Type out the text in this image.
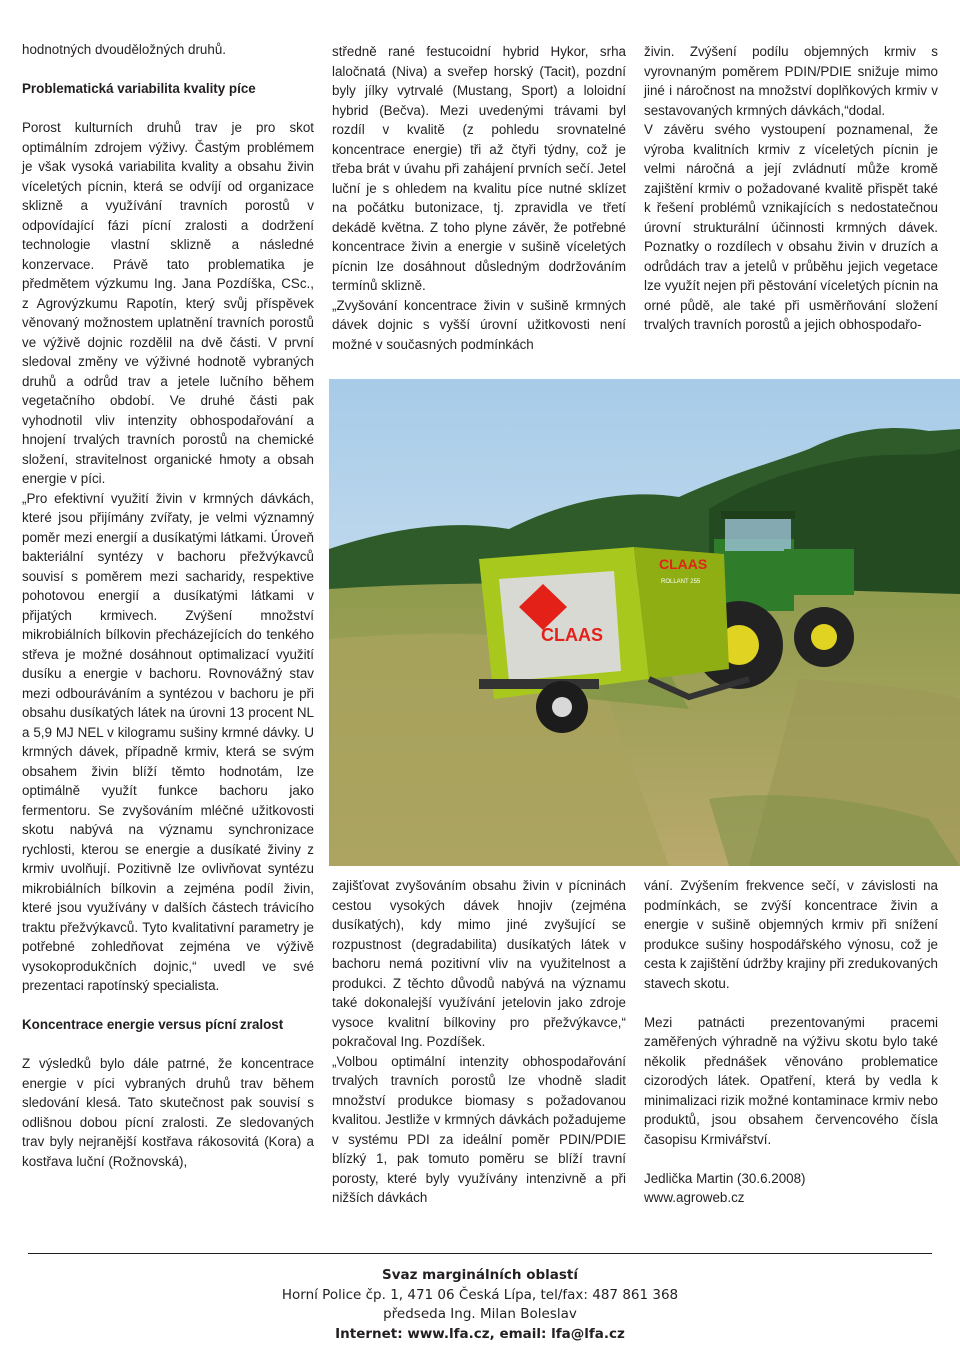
hodnotných dvouděložných druhů.

Problematická variabilita kvality píce

Porost kulturních druhů trav je pro skot optimálním zdrojem výživy. Častým problémem je však vysoká variabilita kvality a obsahu živin víceletých pícnin, která se odvíjí od organizace sklizně a využívání travních porostů v odpovídající fázi pícní zralosti a dodržení technologie vlastní sklizně a následné konzervace. Právě tato problematika je předmětem výzkumu Ing. Jana Pozdíška, CSc., z Agrovýzkumu Rapotín, který svůj příspěvek věnovaný možnostem uplatnění travních porostů ve výživě dojnic rozdělil na dvě části. V první sledoval změny ve výživné hodnotě vybraných druhů a odrůd trav a jetele lučního během vegetačního období. Ve druhé části pak vyhodnotil vliv intenzity obhospodařování a hnojení trvalých travních porostů na chemické složení, stravitelnost organické hmoty a obsah energie v píci.

„Pro efektivní využití živin v krmných dávkách, které jsou přijímány zvířaty, je velmi významný poměr mezi energií a dusíkatými látkami. Úroveň bakteriální syntézy v bachoru přežvýkavců souvisí s poměrem mezi sacharidy, respektive pohotovou energií a dusíkatými látkami v přijatých krmivech. Zvýšení množství mikrobiálních bílkovin přecházejících do tenkého střeva je možné dosáhnout optimalizací využití dusíku a energie v bachoru. Rovnovážný stav mezi odbouráváním a syntézou v bachoru je při obsahu dusíkatých látek na úrovni 13 procent NL a 5,9 MJ NEL v kilogramu sušiny krmné dávky. U krmných dávek, případně krmiv, která se svým obsahem živin blíží těmto hodnotám, lze optimálně využít funkce bachoru jako fermentoru. Se zvyšováním mléčné užitkovosti skotu nabývá na významu synchronizace rychlosti, kterou se energie a dusíkaté živiny z krmiv uvolňují. Pozitivně lze ovlivňovat syntézu mikrobiálních bílkovin a zejména podíl živin, které jsou využívány v dalších částech trávicího traktu přežvýkavců. Tyto kvalitativní parametry je potřebné zohledňovat zejména ve výživě vysokoprodukčních dojnic,“ uvedl ve své prezentaci rapotínský specialista.

Koncentrace energie versus pícní zralost

Z výsledků bylo dále patrné, že koncentrace energie v píci vybraných druhů trav během sledování klesá. Tato skutečnost pak souvisí s odlišnou dobou pícní zralosti. Ze sledovaných trav byly nejranější kostřava rákosovitá (Kora) a kostřava luční (Rožnovská),

středně rané festucoidní hybrid Hykor, srha laločnatá (Niva) a sveřep horský (Tacit), pozdní byly jílky vytrvalé (Mustang, Sport) a loloidní hybrid (Bečva). Mezi uvedenými trávami byl rozdíl v kvalitě (z pohledu srovnatelné koncentrace energie) tři až čtyři týdny, což je třeba brát v úvahu při zahájení prvních sečí. Jetel luční je s ohledem na kvalitu píce nutné sklízet na počátku butonizace, tj. zpravidla ve třetí dekádě května. Z toho plyne závěr, že potřebné koncentrace živin a energie v sušině víceletých pícnin lze dosáhnout důsledným dodržováním termínů sklizně.

„Zvyšování koncentrace živin v sušině krmných dávek dojnic s vyšší úrovní užitkovosti není možné v současných podmínkách

živin. Zvýšení podílu objemných krmiv s vyrovnaným poměrem PDIN/PDIE snižuje mimo jiné i náročnost na množství doplňkových krmiv v sestavovaných krmných dávkách,“dodal.

V závěru svého vystoupení poznamenal, že výroba kvalitních krmiv z víceletých pícnin je velmi náročná a její zvládnutí může kromě zajištění krmiv o požadované kvalitě přispět také k řešení problémů vznikajících s nedostatečnou úrovní strukturální účinnosti krmných dávek. Poznatky o rozdílech v obsahu živin v druzích a odrůdách trav a jetelů v průběhu jejich vegetace lze využít nejen při pěstování víceletých pícnin na orné půdě, ale také při usměrňování složení trvalých travních porostů a jejich obhospodařo-

CLAAS
CLAAS
ROLLANT 255

zajišťovat zvyšováním obsahu živin v pícninách cestou vysokých dávek hnojiv (zejména dusíkatých), kdy mimo jiné zvyšující se rozpustnost (degradabilita) dusíkatých látek v bachoru nemá pozitivní vliv na využitelnost a produkci. Z těchto důvodů nabývá na významu také dokonalejší využívání jetelovin jako zdroje vysoce kvalitní bílkoviny pro přežvýkavce,“ pokračoval Ing. Pozdíšek.

„Volbou optimální intenzity obhospodařování trvalých travních porostů lze vhodně sladit množství produkce biomasy s požadovanou kvalitou. Jestliže v krmných dávkách požadujeme v systému PDI za ideální poměr PDIN/PDIE blízký 1, pak tomuto poměru se blíží travní porosty, které byly využívány intenzivně a při nižších dávkách

vání. Zvýšením frekvence sečí, v závislosti na podmínkách, se zvýší koncentrace živin a energie v sušině objemných krmiv při snížení produkce sušiny hospodářského výnosu, což je cesta k zajištění údržby krajiny při zredukovaných stavech skotu.

Mezi patnácti prezentovanými pracemi zaměřených výhradně na výživu skotu bylo také několik přednášek věnováno problematice cizorodých látek. Opatření, která by vedla k minimalizaci rizik možné kontaminace krmiv nebo produktů, jsou obsahem červencového čísla časopisu Krmivářství.

Jedlička Martin (30.6.2008)

www.agroweb.cz

Svaz marginálních oblastí
Horní Police čp. 1, 471 06 Česká Lípa, tel/fax: 487 861 368
předseda Ing. Milan Boleslav
Internet: www.lfa.cz, email: lfa@lfa.cz
